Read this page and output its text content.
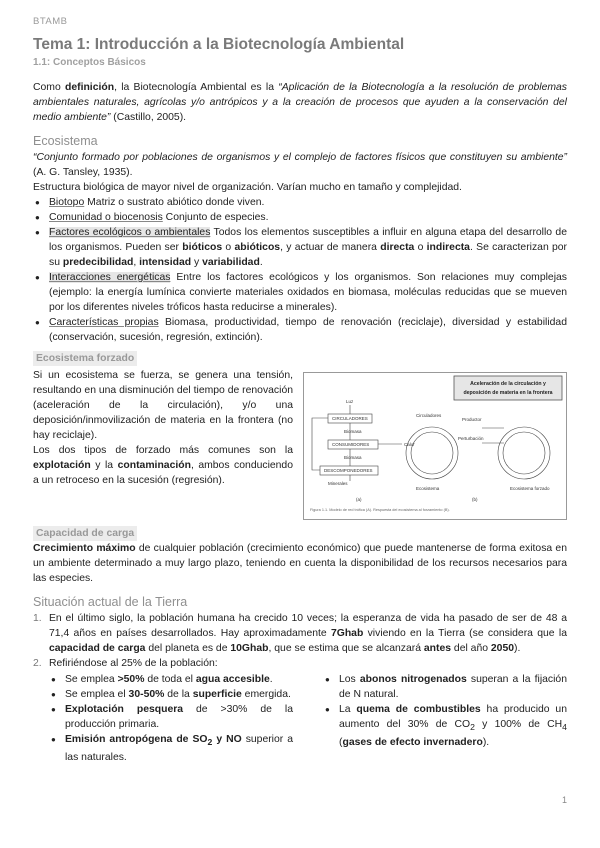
BTAMB
Tema 1: Introducción a la Biotecnología Ambiental
1.1: Conceptos Básicos

Como definición, la Biotecnología Ambiental es la “Aplicación de la Biotecnología a la resolución de problemas ambientales naturales, agrícolas y/o antrópicos y a la creación de procesos que ayuden a la conservación del medio ambiente” (Castillo, 2005).

Ecosistema

“Conjunto formado por poblaciones de organismos y el complejo de factores físicos que constituyen su ambiente” (A. G. Tansley, 1935).

Estructura biológica de mayor nivel de organización. Varían mucho en tamaño y complejidad.

● Biotopo Matriz o sustrato abiótico donde viven.
● Comunidad o biocenosis Conjunto de especies.
● Factores ecológicos o ambientales Todos los elementos susceptibles a influir en alguna etapa del desarrollo de los organismos. Pueden ser bióticos o abióticos, y actuar de manera directa o indirecta. Se caracterizan por su predecibilidad, intensidad y variabilidad.
● Interacciones energéticas Entre los factores ecológicos y los organismos. Son relaciones muy complejas (ejemplo: la energía lumínica convierte materiales oxidados en biomasa, moléculas reducidas que se mueven por los diferentes niveles tróficos hasta reducirse a minerales).
● Características propias Biomasa, productividad, tiempo de renovación (reciclaje), diversidad y estabilidad (conservación, sucesión, regresión, extinción).
Ecosistema forzado

Si un ecosistema se fuerza, se genera una tensión, resultando en una disminución del tiempo de renovación (aceleración de la circulación), y/o una deposición/inmovilización de materia en la frontera (no hay reciclaje).

Los dos tipos de forzado más comunes son la explotación y la contaminación, ambos conduciendo a un retroceso en la sucesión (regresión).

Aceleración de la circulación y
deposición de materia en la frontera
Luz
CIRCULADORES
Biomasa
CONSUMIDORES	Calor
Biomasa
DESCOMPONEDORES
Minerales
(a)
Circuladores
Productor
Perturbación
Ecosistema	Ecosistema forzado
(b)
Figura 1.1. Modelo de red trófica (A). Respuesta del ecosistema al forzamiento (B).
Capacidad de carga

Crecimiento máximo de cualquier población (crecimiento económico) que puede mantenerse de forma exitosa en un ambiente determinado a muy largo plazo, teniendo en cuenta la disponibilidad de los recursos necesarios para las especies.

Situación actual de la Tierra
1. En el último siglo, la población humana ha crecido 10 veces; la esperanza de vida ha pasado de ser de 48 a 71,4 años en países desarrollados. Hay aproximadamente 7Ghab viviendo en la Tierra (se considera que la capacidad de carga del planeta es de 10Ghab, que se estima que se alcanzará antes del año 2050).
2. Refiriéndose al 25% de la población:
● Se emplea >50% de toda el agua accesible.
● Se emplea el 30-50% de la superficie emergida.
● Explotación pesquera de >30% de la producción primaria.
● Emisión antropógena de $SO_2$ y NO superior a las naturales.
● Los abonos nitrogenados superan a la fijación de N natural.
● La quema de combustibles ha producido un aumento del 30% de $CO_2$ y 100% de $CH_4$ (gases de efecto invernadero).
1
